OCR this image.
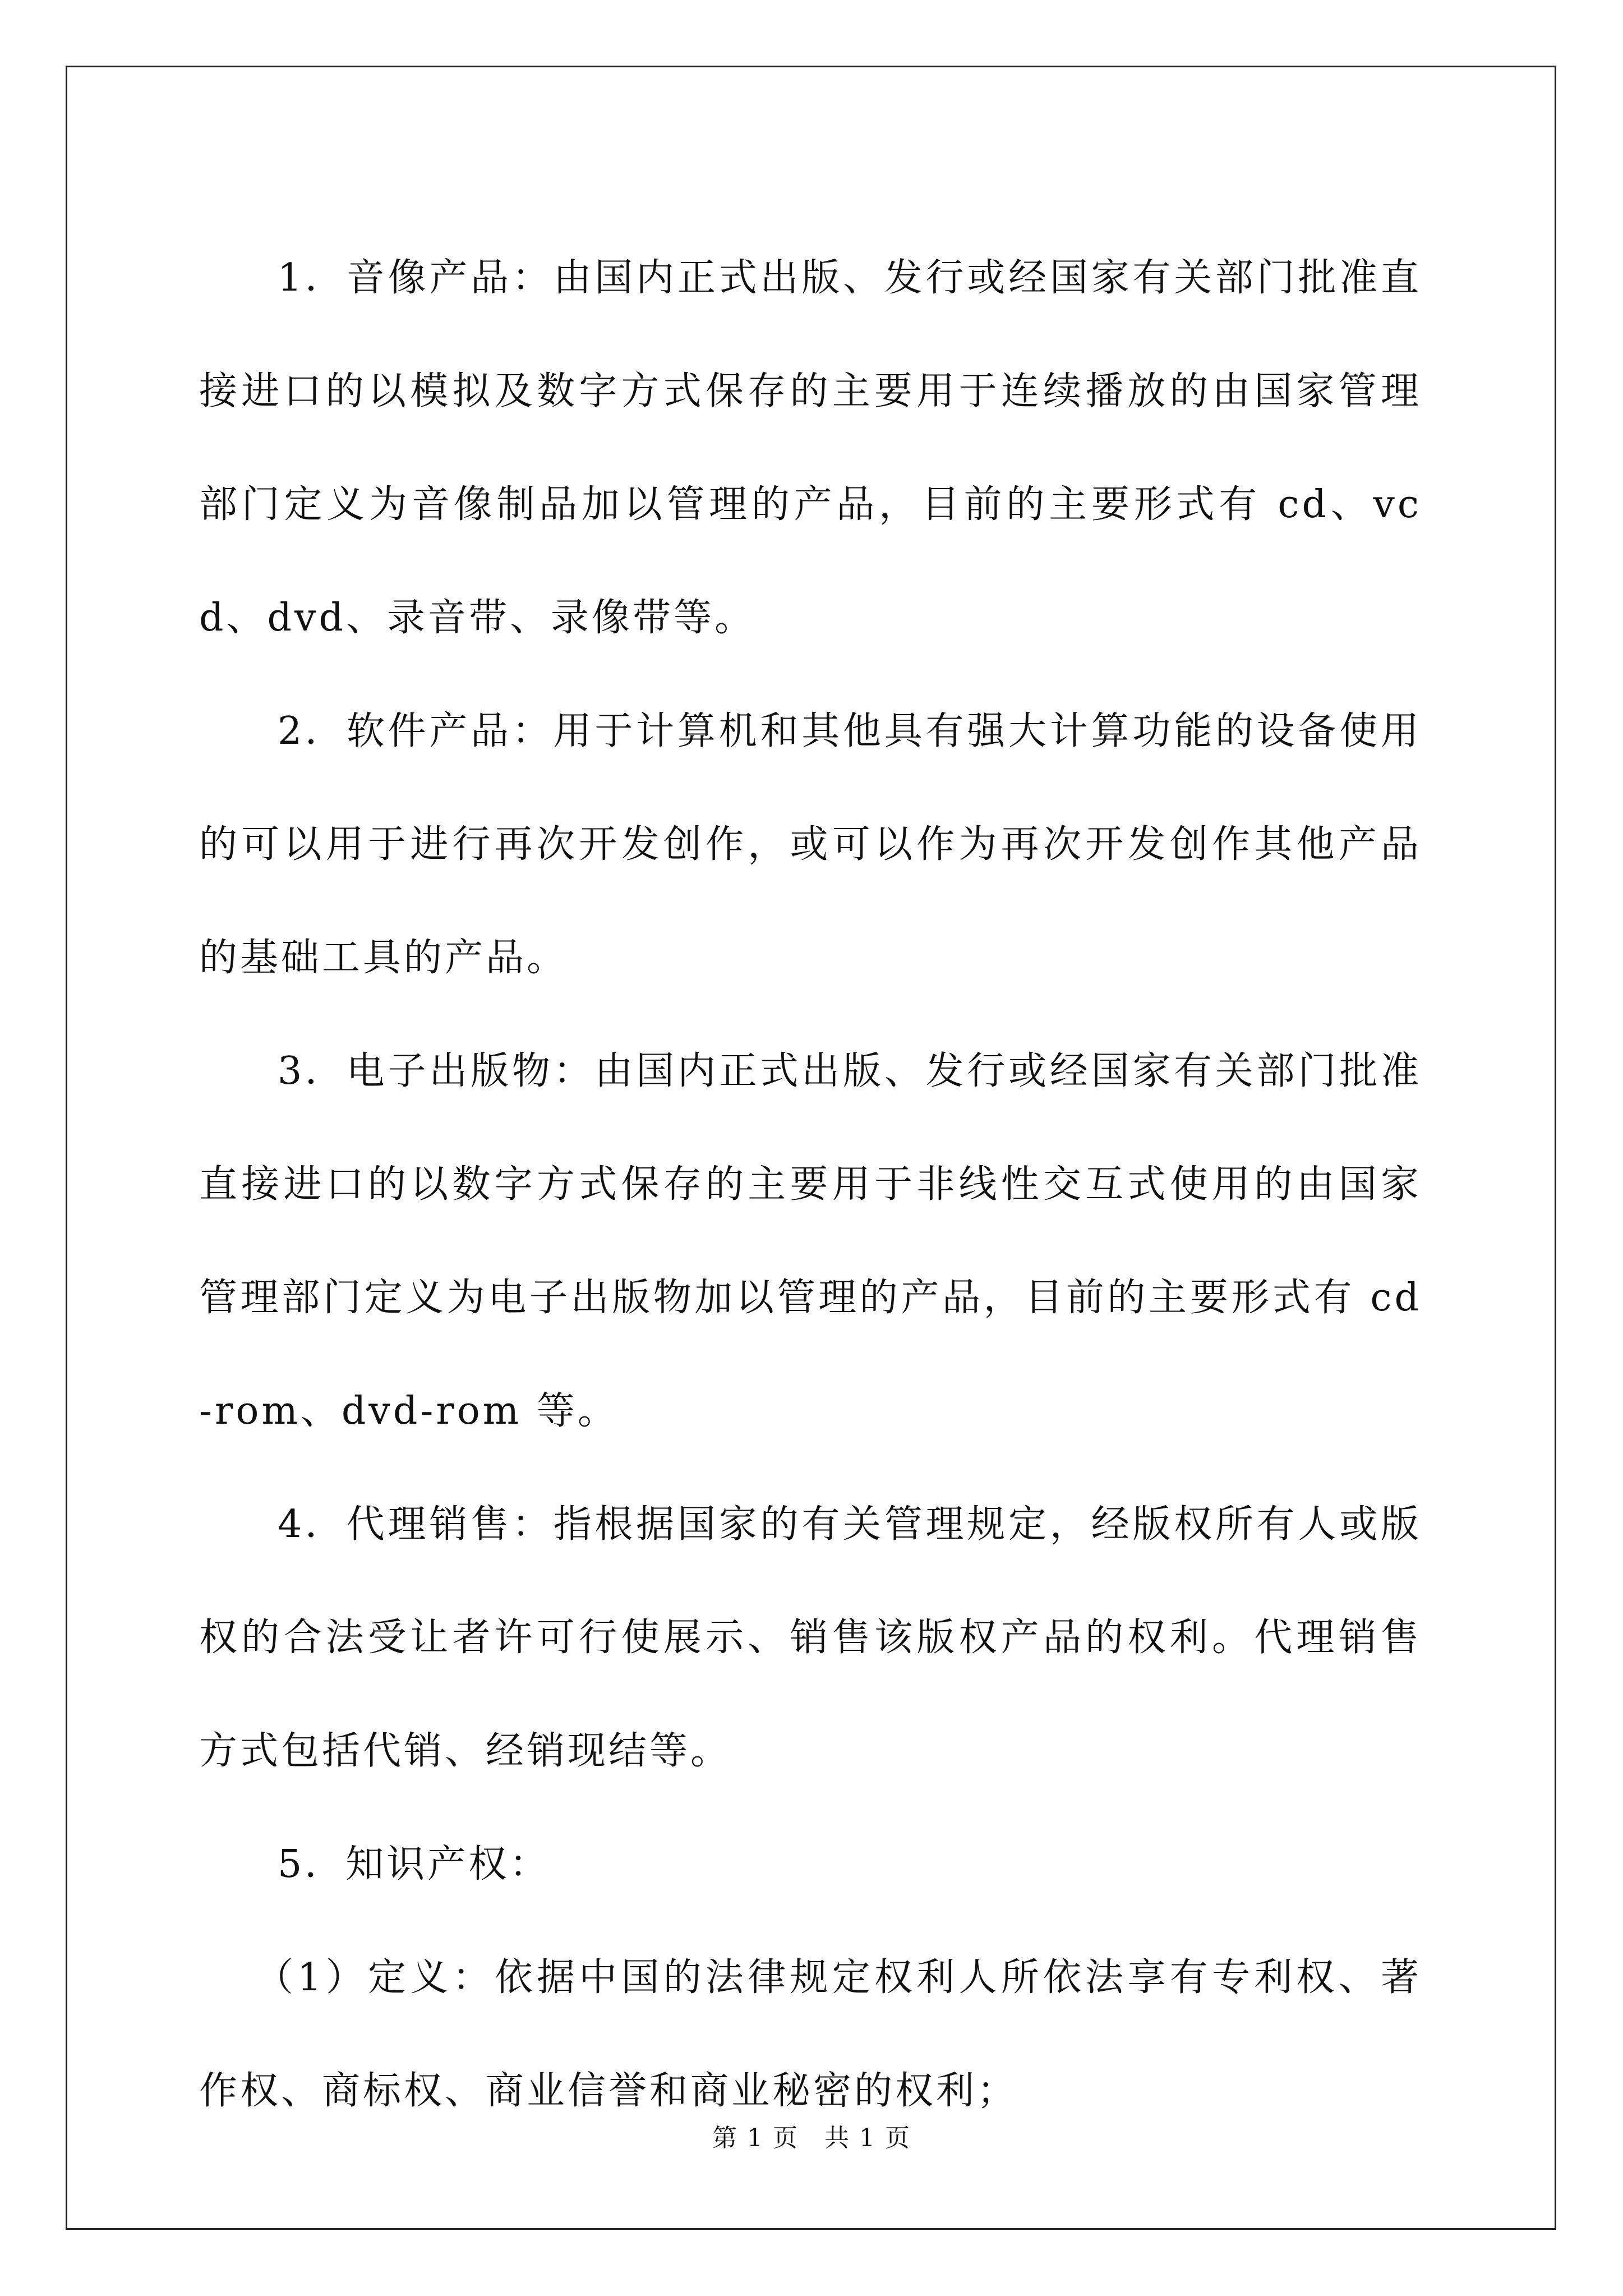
1．音像产品：由国内正式出版、发行或经国家有关部门批准直接进口的以模拟及数字方式保存的主要用于连续播放的由国家管理部门定义为音像制品加以管理的产品，目前的主要形式有 cd、vcd、dvd、录音带、录像带等。

2．软件产品：用于计算机和其他具有强大计算功能的设备使用的可以用于进行再次开发创作，或可以作为再次开发创作其他产品的基础工具的产品。

3．电子出版物：由国内正式出版、发行或经国家有关部门批准直接进口的以数字方式保存的主要用于非线性交互式使用的由国家管理部门定义为电子出版物加以管理的产品，目前的主要形式有 cd-rom、dvd-rom 等。

4．代理销售：指根据国家的有关管理规定，经版权所有人或版权的合法受让者许可行使展示、销售该版权产品的权利。代理销售方式包括代销、经销现结等。

5．知识产权：

（1）定义：依据中国的法律规定权利人所依法享有专利权、著作权、商标权、商业信誉和商业秘密的权利；

第 1 页　共 1 页
